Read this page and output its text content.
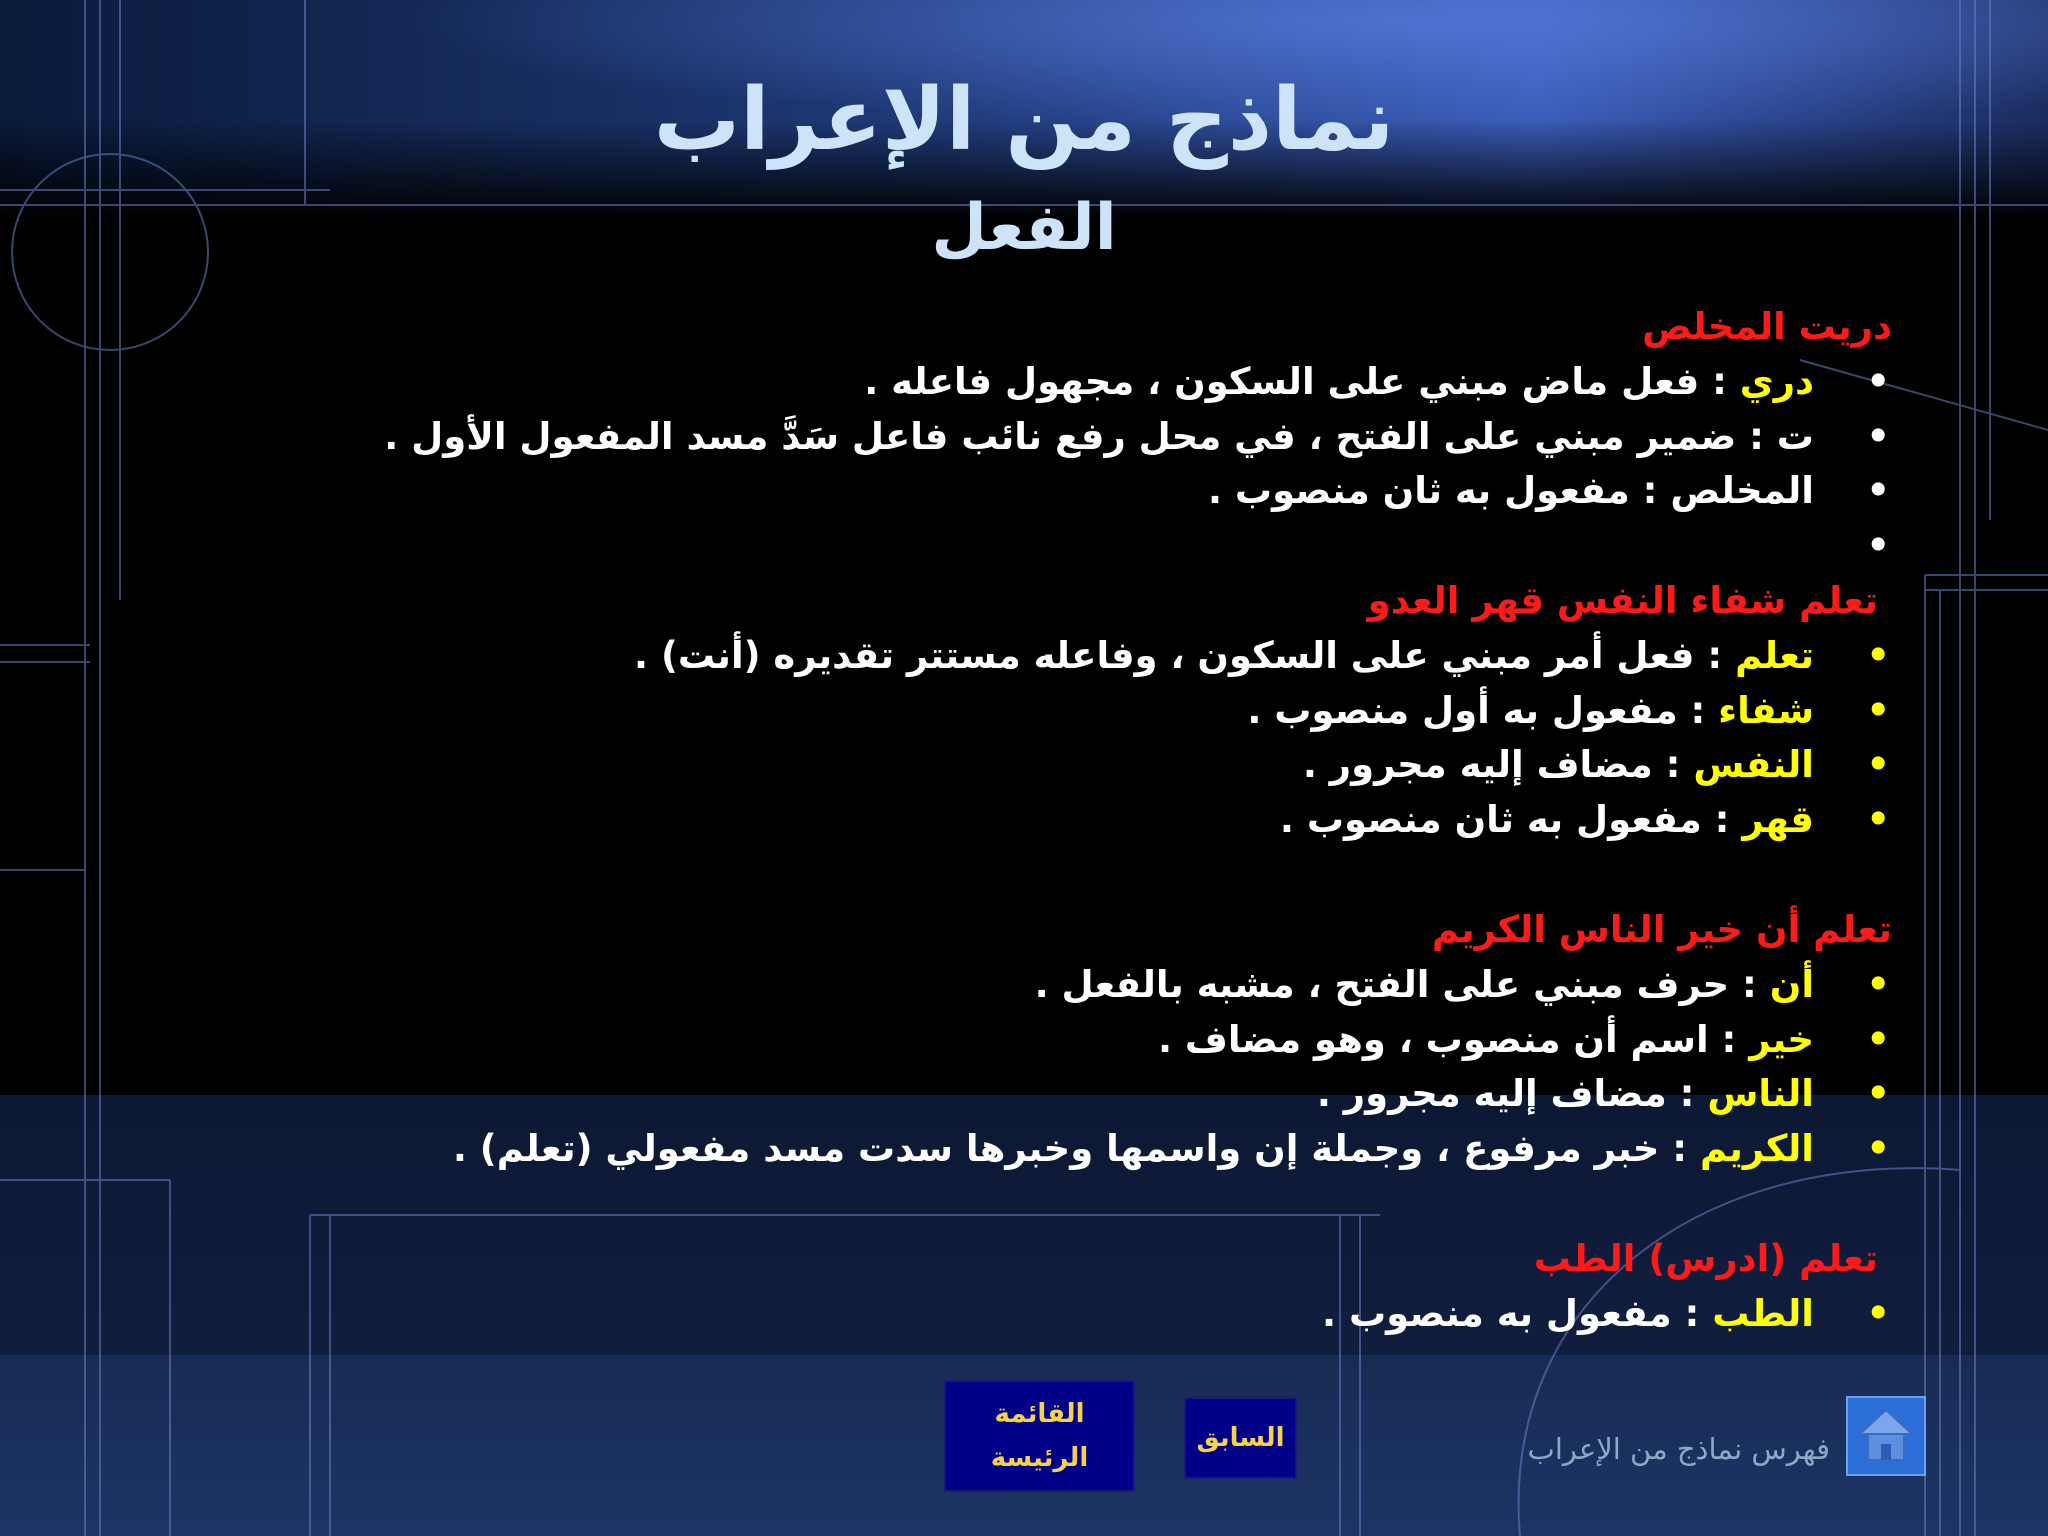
نماذج من الإعراب
الفعل
دريت المخلص
•
دري : فعل ماض مبني على السكون ، مجهول فاعله .
•
ت : ضمير مبني على الفتح ، في محل رفع نائب فاعل سَدَّ مسد المفعول الأول .
•
المخلص : مفعول به ثان منصوب .
•
تعلم شفاء النفس قهر العدو
•
تعلم : فعل أمر مبني على السكون ، وفاعله مستتر تقديره (أنت) .
•
شفاء : مفعول به أول منصوب .
•
النفس : مضاف إليه مجرور .
•
قهر : مفعول به ثان منصوب .
تعلم أن خير الناس الكريم
•
أن : حرف مبني على الفتح ، مشبه بالفعل .
•
خير : اسم أن منصوب ، وهو مضاف .
•
الناس : مضاف إليه مجرور .
•
الكريم : خبر مرفوع ، وجملة إن واسمها وخبرها سدت مسد مفعولي (تعلم) .
تعلم (ادرس) الطب
•
الطب : مفعول به منصوب .
القائمة
الرئيسة
السابق	فهرس نماذج من الإعراب
